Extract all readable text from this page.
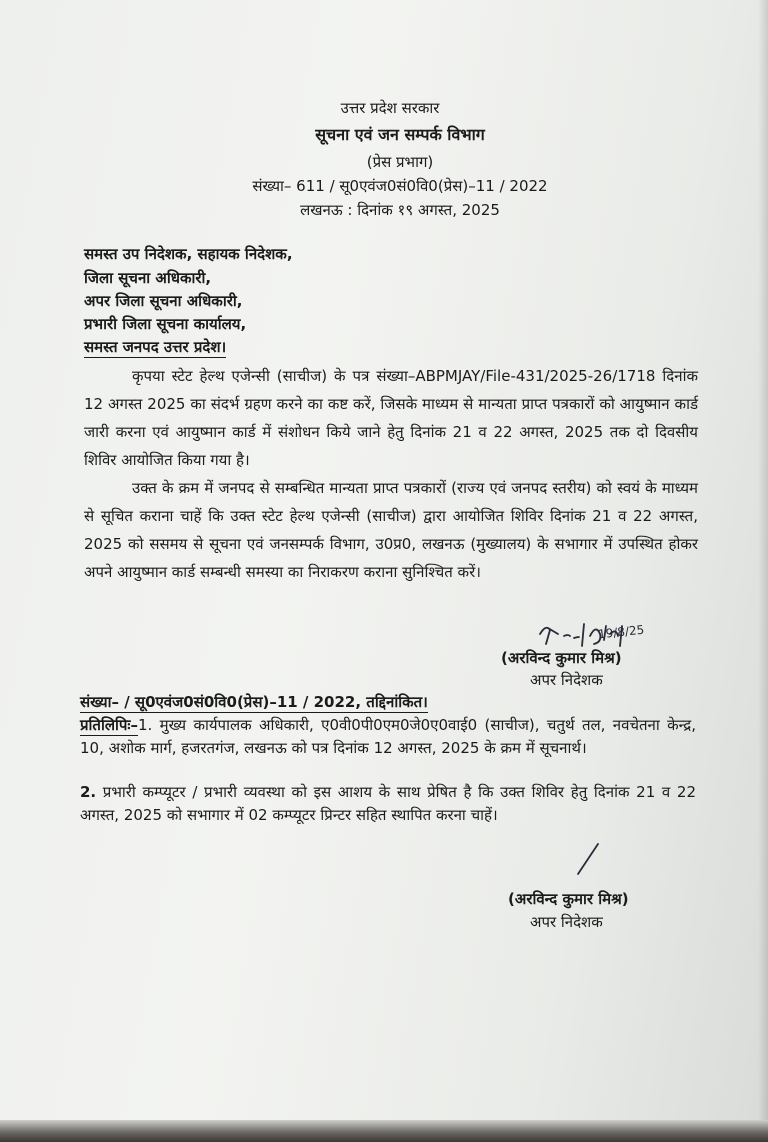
उत्तर प्रदेश सरकार
सूचना एवं जन सम्पर्क विभाग
(प्रेस प्रभाग)
संख्या– 611 / सू0एवंज0सं0वि0(प्रेस)–11 / 2022
लखनऊ : दिनांक १९ अगस्त, 2025
समस्त उप निदेशक, सहायक निदेशक,
जिला सूचना अधिकारी,
अपर जिला सूचना अधिकारी,
प्रभारी जिला सूचना कार्यालय,
समस्त जनपद उत्तर प्रदेश।
कृपया स्टेट हेल्थ एजेन्सी (साचीज) के पत्र संख्या–ABPMJAY/File-431/2025-26/1718 दिनांक 12 अगस्त 2025 का संदर्भ ग्रहण करने का कष्ट करें, जिसके माध्यम से मान्यता प्राप्त पत्रकारों को आयुष्मान कार्ड जारी करना एवं आयुष्मान कार्ड में संशोधन किये जाने हेतु दिनांक 21 व 22 अगस्त, 2025 तक दो दिवसीय शिविर आयोजित किया गया है।
उक्त के क्रम में जनपद से सम्बन्धित मान्यता प्राप्त पत्रकारों (राज्य एवं जनपद स्तरीय) को स्वयं के माध्यम से सूचित कराना चाहें कि उक्त स्टेट हेल्थ एजेन्सी (साचीज) द्वारा आयोजित शिविर दिनांक 21 व 22 अगस्त, 2025 को ससमय से सूचना एवं जनसम्पर्क विभाग, उ0प्र0, लखनऊ (मुख्यालय) के सभागार में उपस्थित होकर अपने आयुष्मान कार्ड सम्बन्धी समस्या का निराकरण कराना सुनिश्चित करें।
19/8/25
(अरविन्द कुमार मिश्र)
अपर निदेशक
संख्या– / सू0एवंज0सं0वि0(प्रेस)–11 / 2022, तद्दिनांकित।
प्रतिलिपिः–1. मुख्य कार्यपालक अधिकारी, ए0वी0पी0एम0जे0ए0वाई0 (साचीज), चतुर्थ तल, नवचेतना केन्द्र, 10, अशोक मार्ग, हजरतगंज, लखनऊ को पत्र दिनांक 12 अगस्त, 2025 के क्रम में सूचनार्थ।
2. प्रभारी कम्प्यूटर / प्रभारी व्यवस्था को इस आशय के साथ प्रेषित है कि उक्त शिविर हेतु दिनांक 21 व 22 अगस्त, 2025 को सभागार में 02 कम्प्यूटर प्रिन्टर सहित स्थापित करना चाहें।
(अरविन्द कुमार मिश्र)
अपर निदेशक
